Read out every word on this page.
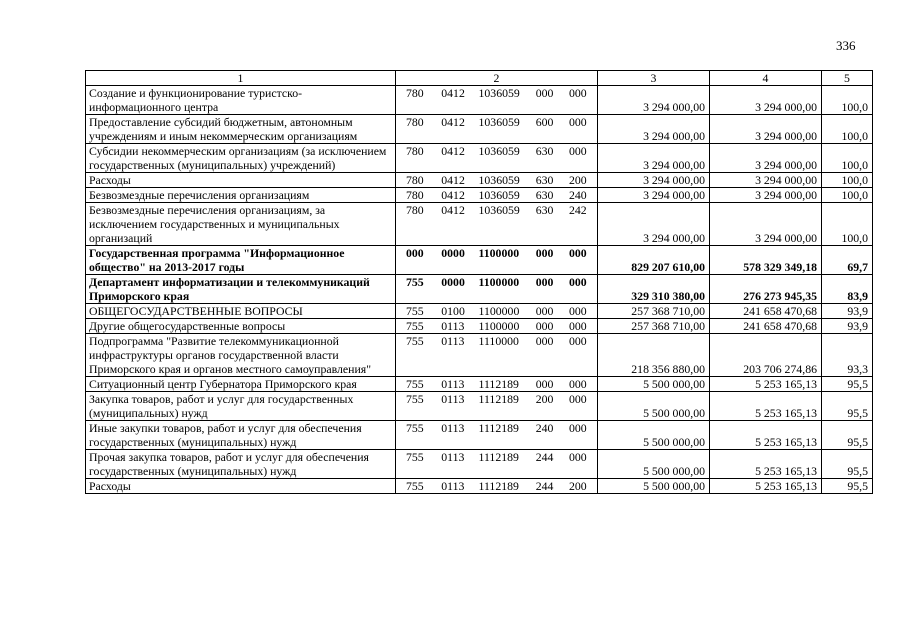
336
1	2	3	4	5
Создание и функционирование туристско-информационного центра	780 0412 1036059 000 000	3 294 000,00	3 294 000,00	100,0
Предоставление субсидий бюджетным, автономным учреждениям и иным некоммерческим организациям	780 0412 1036059 600 000	3 294 000,00	3 294 000,00	100,0
Субсидии некоммерческим организациям (за исключением государственных (муниципальных) учреждений)	780 0412 1036059 630 000	3 294 000,00	3 294 000,00	100,0
Расходы	780 0412 1036059 630 200	3 294 000,00	3 294 000,00	100,0
Безвозмездные перечисления организациям	780 0412 1036059 630 240	3 294 000,00	3 294 000,00	100,0
Безвозмездные перечисления организациям, за исключением государственных и муниципальных организаций	780 0412 1036059 630 242	3 294 000,00	3 294 000,00	100,0
Государственная программа "Информационное общество" на 2013-2017 годы	000 0000 1100000 000 000	829 207 610,00	578 329 349,18	69,7
Департамент информатизации и телекоммуникаций Приморского края	755 0000 1100000 000 000	329 310 380,00	276 273 945,35	83,9
ОБЩЕГОСУДАРСТВЕННЫЕ ВОПРОСЫ	755 0100 1100000 000 000	257 368 710,00	241 658 470,68	93,9
Другие общегосударственные вопросы	755 0113 1100000 000 000	257 368 710,00	241 658 470,68	93,9
Подпрограмма "Развитие телекоммуникационной инфраструктуры органов государственной власти Приморского края и органов местного самоуправления"	755 0113 1110000 000 000	218 356 880,00	203 706 274,86	93,3
Ситуационный центр Губернатора Приморского края	755 0113 1112189 000 000	5 500 000,00	5 253 165,13	95,5
Закупка товаров, работ и услуг для государственных (муниципальных) нужд	755 0113 1112189 200 000	5 500 000,00	5 253 165,13	95,5
Иные закупки товаров, работ и услуг для обеспечения государственных (муниципальных) нужд	755 0113 1112189 240 000	5 500 000,00	5 253 165,13	95,5
Прочая закупка товаров, работ и услуг для обеспечения государственных (муниципальных) нужд	755 0113 1112189 244 000	5 500 000,00	5 253 165,13	95,5
Расходы	755 0113 1112189 244 200	5 500 000,00	5 253 165,13	95,5
